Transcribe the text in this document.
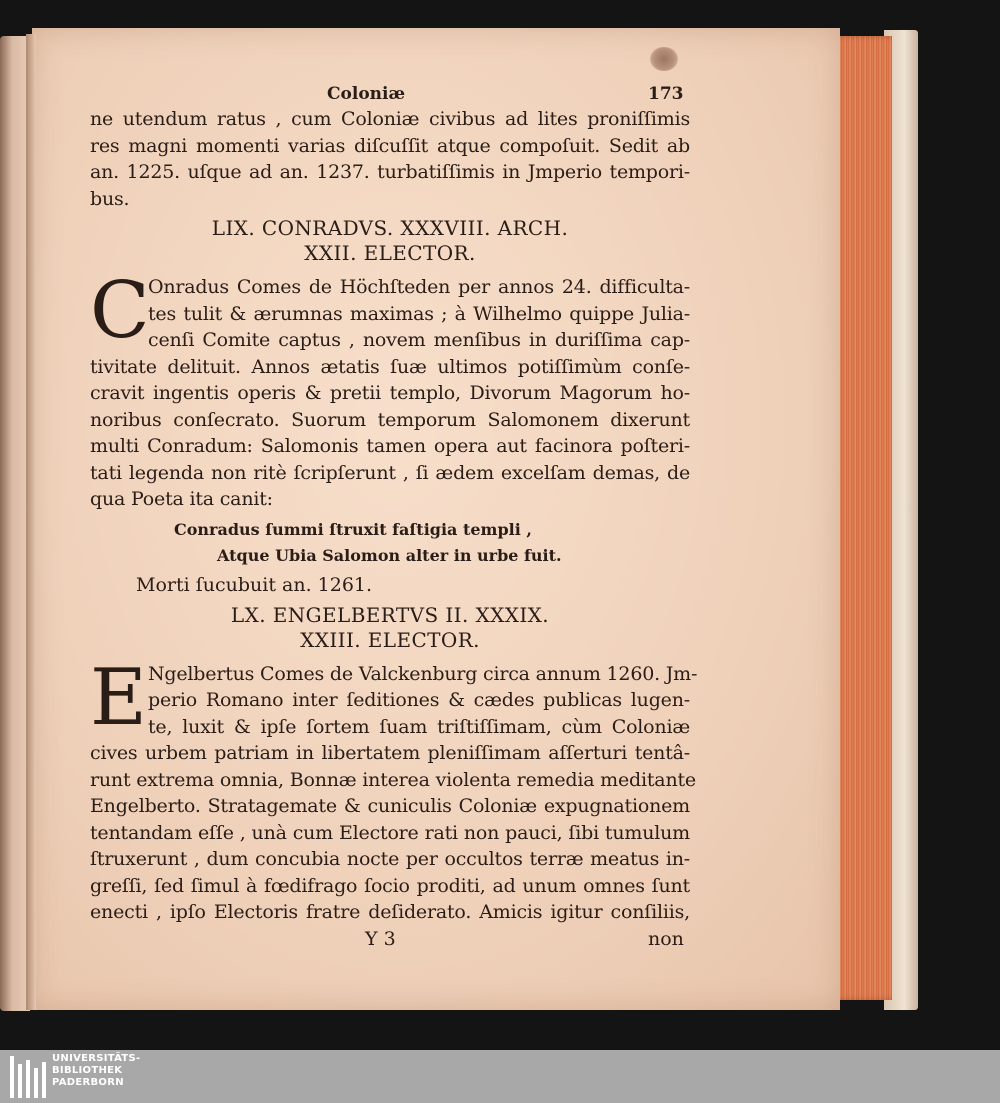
Coloniæ	173
ne utendum ratus , cum Coloniæ civibus ad lites proniſſimis
res magni momenti varias diſcuſſit atque compoſuit. Sedit ab
an. 1225. uſque ad an. 1237. turbatiſſimis in Jmperio tempori-
bus.
LIX. CONRADVS. XXXVIII. ARCH.
XXII. ELECTOR.
C
Onradus Comes de Höchſteden per annos 24. difficulta-
tes tulit & ærumnas maximas ; à Wilhelmo quippe Julia-
cenſi Comite captus , novem menſibus in duriſſima cap-
tivitate delituit. Annos ætatis ſuæ ultimos potiſſimùm conſe-
cravit ingentis operis & pretii templo, Divorum Magorum ho-
noribus conſecrato. Suorum temporum Salomonem dixerunt
multi Conradum: Salomonis tamen opera aut facinora poſteri-
tati legenda non ritè ſcripſerunt , ſi ædem excelſam demas, de
qua Poeta ita canit:
Conradus ſummi ſtruxit faſtigia templi ,
Atque Ubia Salomon alter in urbe fuit.
Morti ſucubuit an. 1261.
LX. ENGELBERTVS II. XXXIX.
XXIII. ELECTOR.
E Ngelbertus Comes de Valckenburg circa annum 1260. Jm-
perio Romano inter ſeditiones & cædes publicas lugen-
te, luxit & ipſe ſortem ſuam triſtiſſimam, cùm Coloniæ
cives urbem patriam in libertatem pleniſſimam aſſerturi tentâ-
runt extrema omnia, Bonnæ interea violenta remedia meditante
Engelberto. Stratagemate & cuniculis Coloniæ expugnationem
tentandam eſſe , unà cum Electore rati non pauci, ſibi tumulum
ſtruxerunt , dum concubia nocte per occultos terræ meatus in-
greſſi, ſed ſimul à fœdifrago ſocio proditi, ad unum omnes ſunt
enecti , ipſo Electoris fratre deſiderato. Amicis igitur conſiliis,
Y 3	non
UNIVERSITÄTS-
BIBLIOTHEK
PADERBORN
